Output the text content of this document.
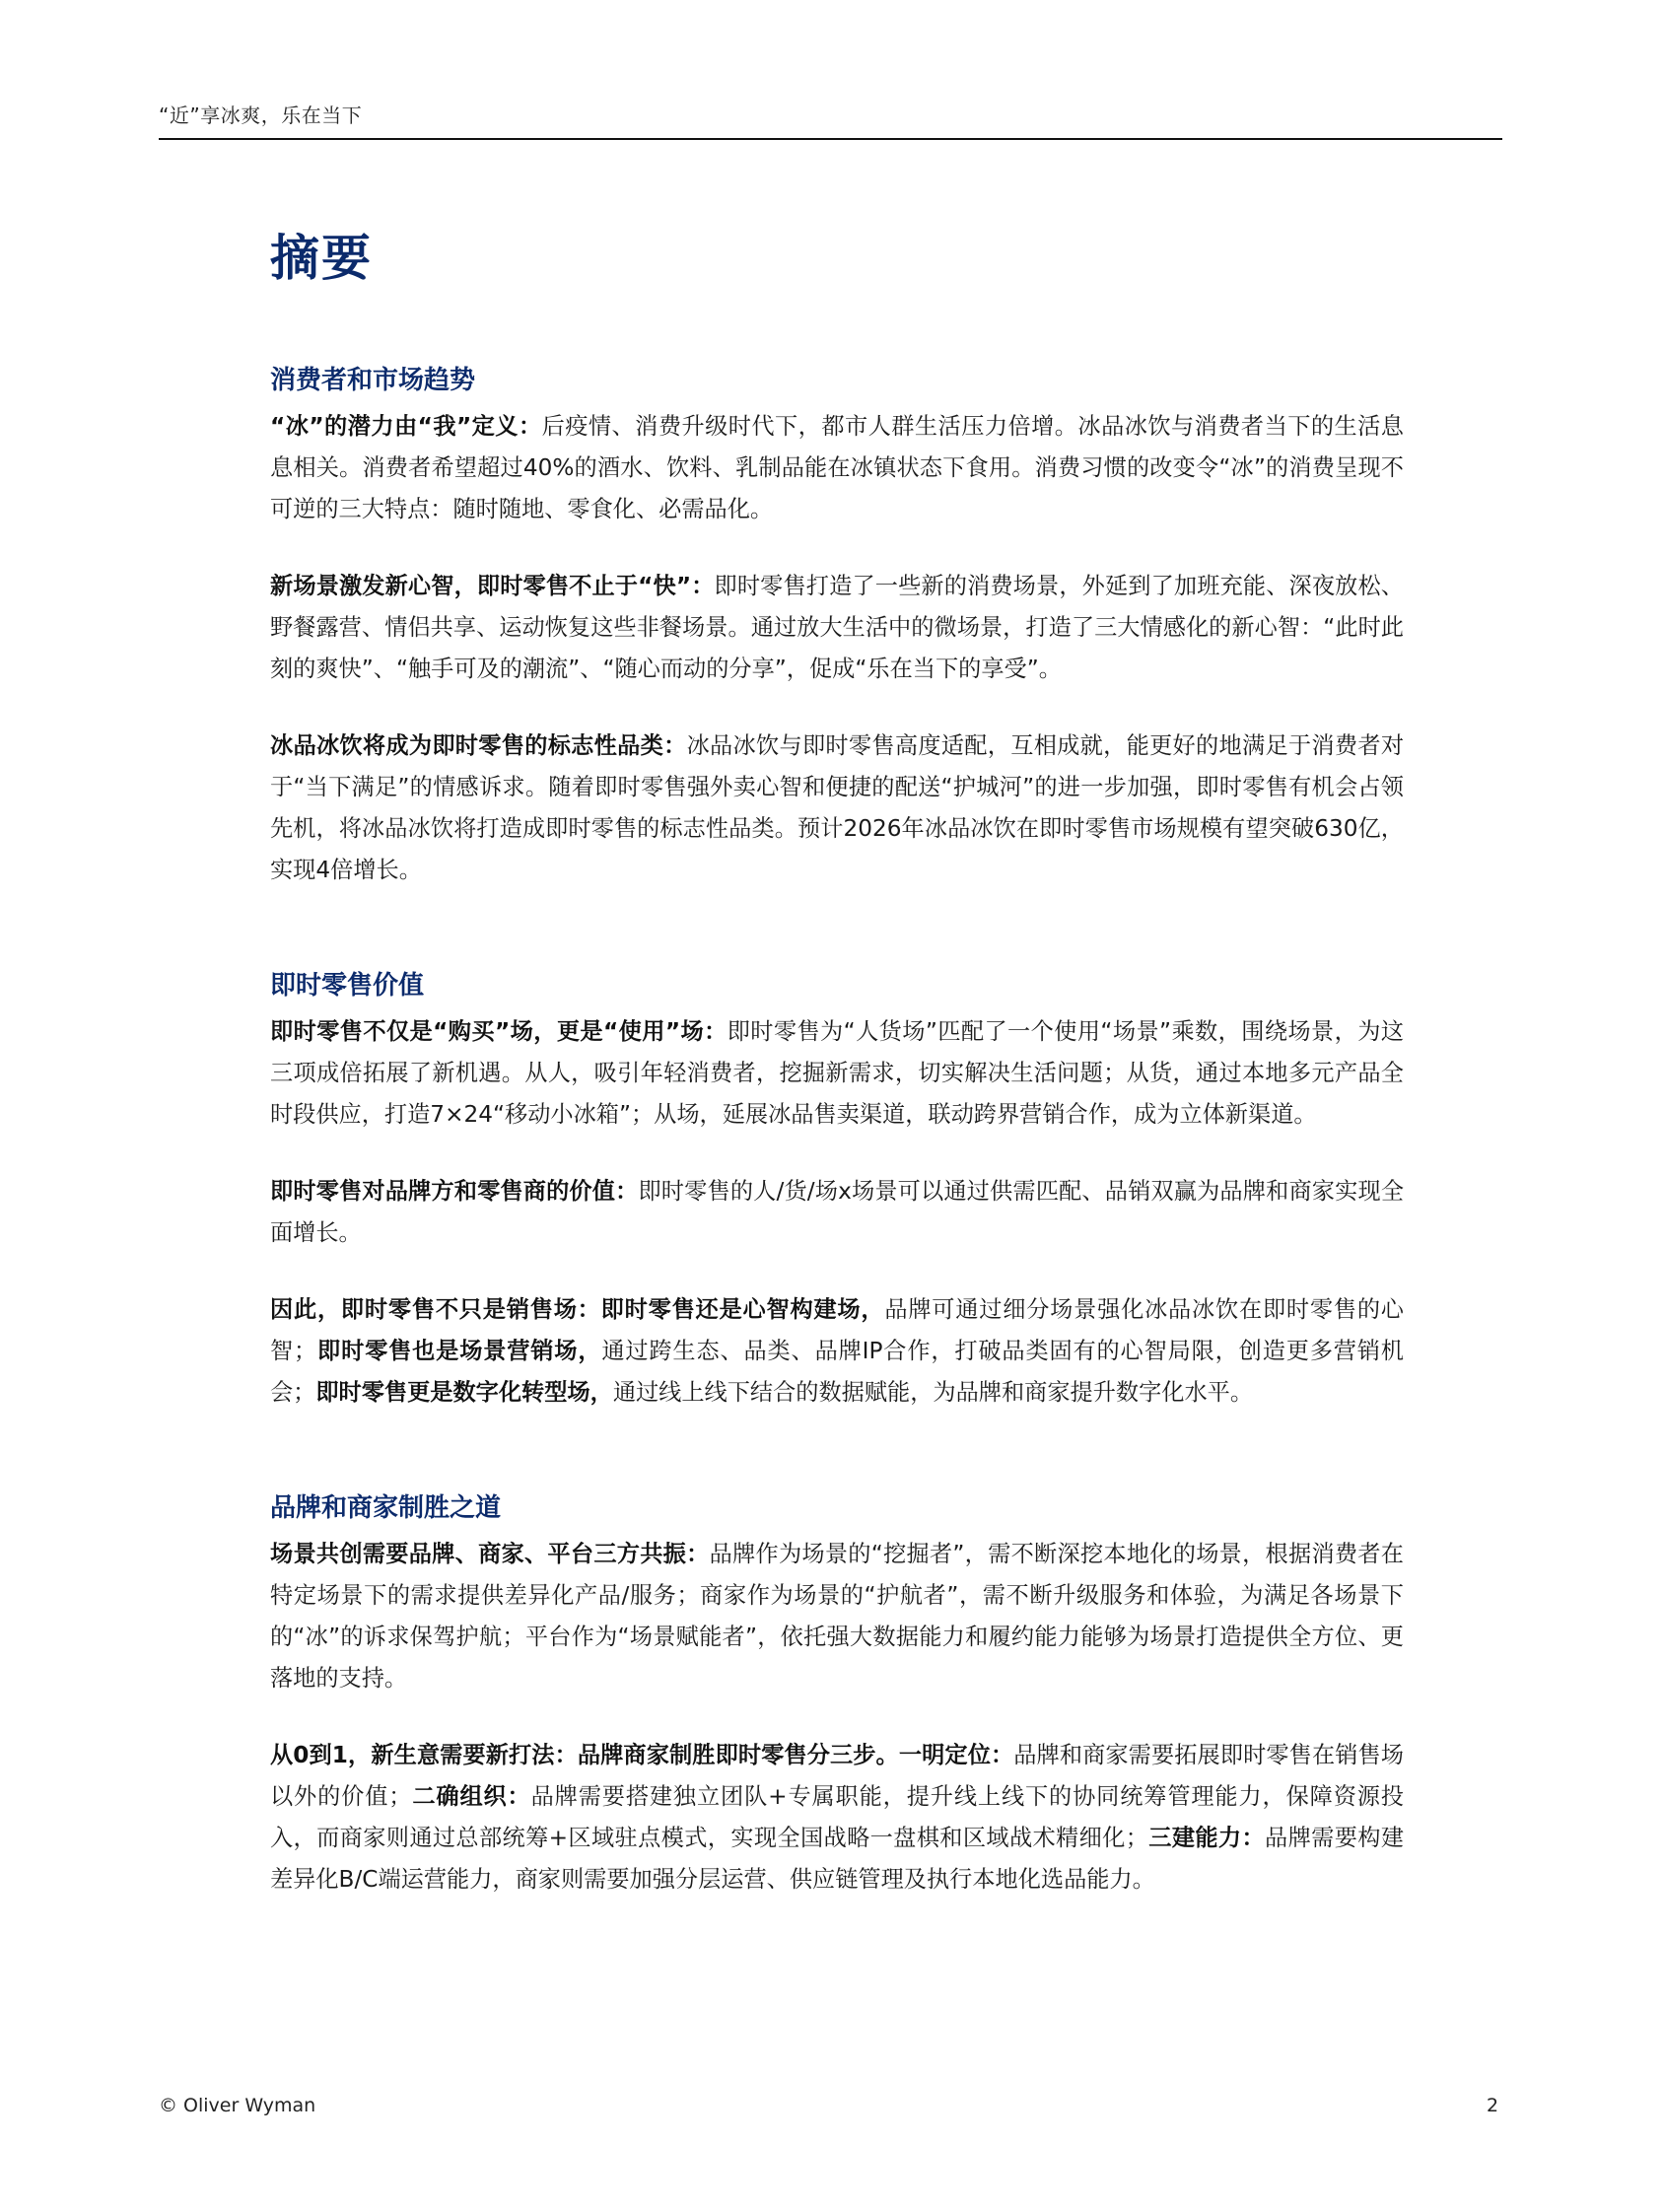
“近”享冰爽，乐在当下
摘要
消费者和市场趋势

“冰”的潜力由“我”定义：后疫情、消费升级时代下，都市人群生活压力倍增。冰品冰饮与消费者当下的生活息息相关。消费者希望超过40%的酒水、饮料、乳制品能在冰镇状态下食用。消费习惯的改变令“冰”的消费呈现不可逆的三大特点：随时随地、零食化、必需品化。

新场景激发新心智，即时零售不止于“快”：即时零售打造了一些新的消费场景，外延到了加班充能、深夜放松、野餐露营、情侣共享、运动恢复这些非餐场景。通过放大生活中的微场景，打造了三大情感化的新心智：“此时此刻的爽快”、“触手可及的潮流”、“随心而动的分享”，促成“乐在当下的享受”。

冰品冰饮将成为即时零售的标志性品类：冰品冰饮与即时零售高度适配，互相成就，能更好的地满足于消费者对于“当下满足”的情感诉求。随着即时零售强外卖心智和便捷的配送“护城河”的进一步加强，即时零售有机会占领先机，将冰品冰饮将打造成即时零售的标志性品类。预计2026年冰品冰饮在即时零售市场规模有望突破630亿，实现4倍增长。

即时零售价值

即时零售不仅是“购买”场，更是“使用”场：即时零售为“人货场”匹配了一个使用“场景”乘数，围绕场景，为这三项成倍拓展了新机遇。从人，吸引年轻消费者，挖掘新需求，切实解决生活问题；从货，通过本地多元产品全时段供应，打造7×24“移动小冰箱”；从场，延展冰品售卖渠道，联动跨界营销合作，成为立体新渠道。

即时零售对品牌方和零售商的价值：即时零售的人/货/场x场景可以通过供需匹配、品销双赢为品牌和商家实现全面增长。

因此，即时零售不只是销售场：即时零售还是心智构建场，品牌可通过细分场景强化冰品冰饮在即时零售的心智；即时零售也是场景营销场，通过跨生态、品类、品牌IP合作，打破品类固有的心智局限，创造更多营销机会；即时零售更是数字化转型场，通过线上线下结合的数据赋能，为品牌和商家提升数字化水平。

品牌和商家制胜之道

场景共创需要品牌、商家、平台三方共振：品牌作为场景的“挖掘者”，需不断深挖本地化的场景，根据消费者在特定场景下的需求提供差异化产品/服务；商家作为场景的“护航者”，需不断升级服务和体验，为满足各场景下的“冰”的诉求保驾护航；平台作为“场景赋能者”，依托强大数据能力和履约能力能够为场景打造提供全方位、更落地的支持。

从0到1，新生意需要新打法：品牌商家制胜即时零售分三步。一明定位：品牌和商家需要拓展即时零售在销售场以外的价值；二确组织：品牌需要搭建独立团队+专属职能，提升线上线下的协同统筹管理能力，保障资源投入，而商家则通过总部统筹+区域驻点模式，实现全国战略一盘棋和区域战术精细化；三建能力：品牌需要构建差异化B/C端运营能力，商家则需要加强分层运营、供应链管理及执行本地化选品能力。

© Oliver Wyman	2
